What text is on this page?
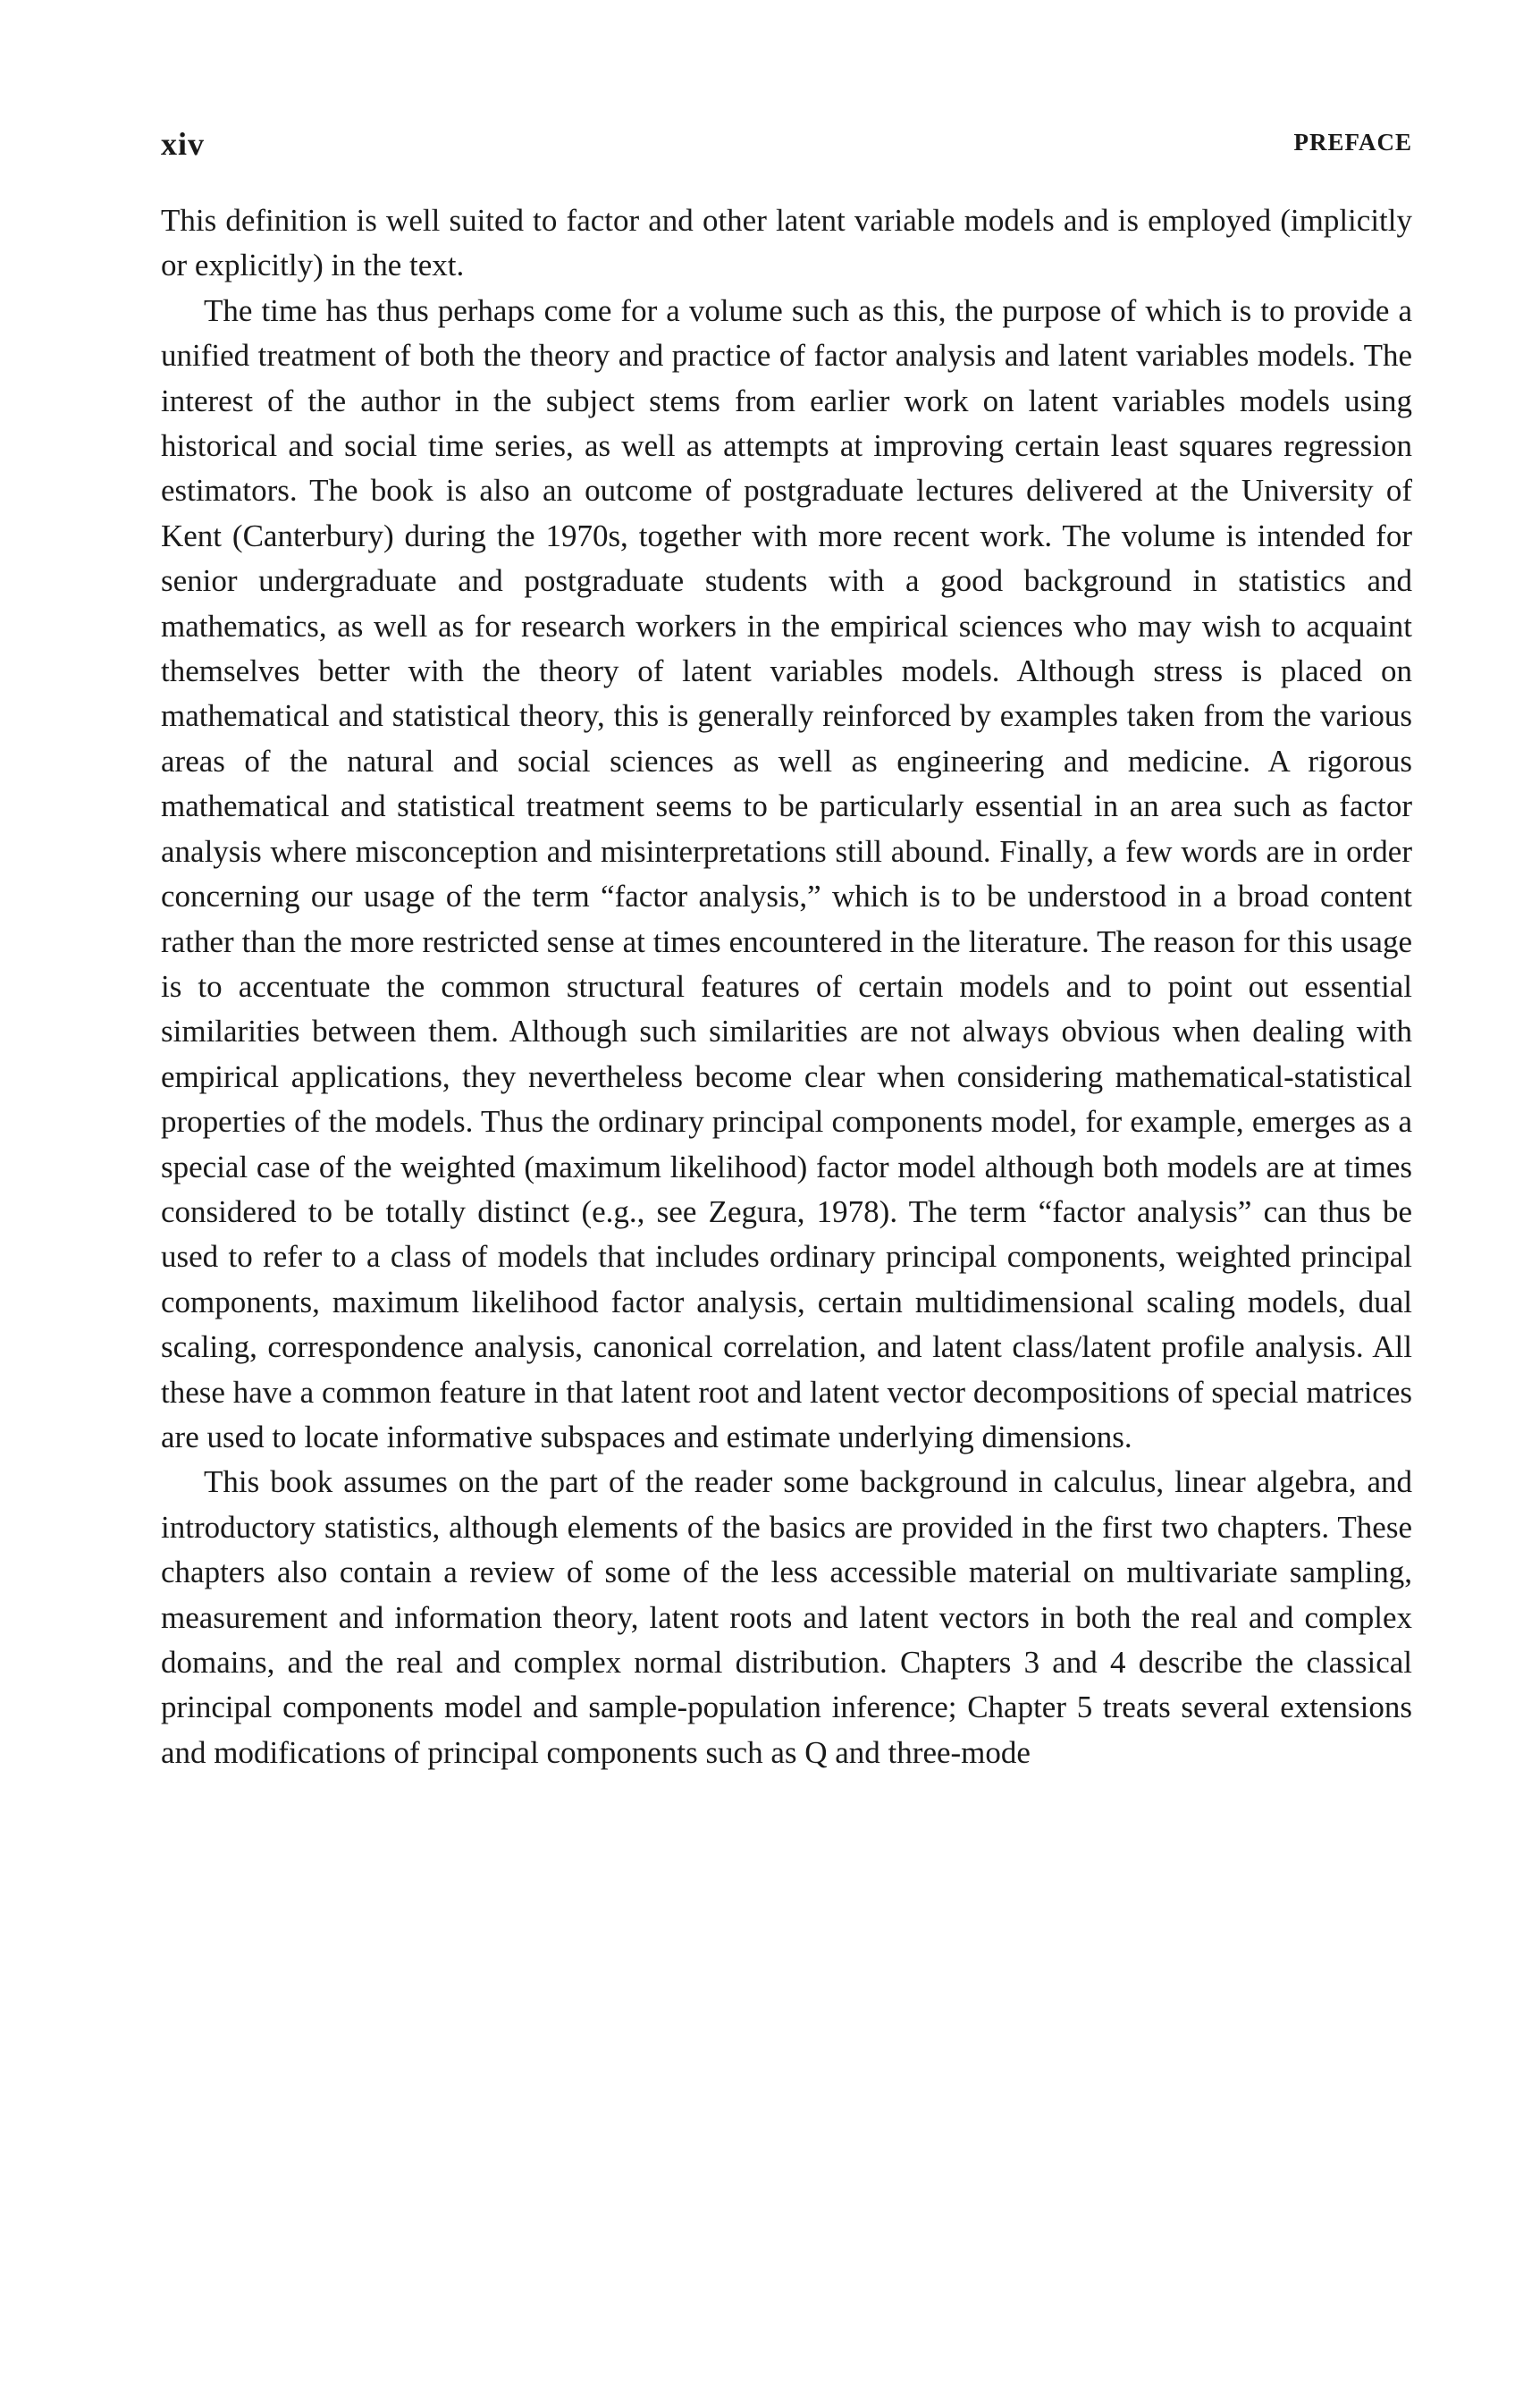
xiv	PREFACE

This definition is well suited to factor and other latent variable models and is employed (implicitly or explicitly) in the text.

The time has thus perhaps come for a volume such as this, the purpose of which is to provide a unified treatment of both the theory and practice of factor analysis and latent variables models. The interest of the author in the subject stems from earlier work on latent variables models using historical and social time series, as well as attempts at improving certain least squares regression estimators. The book is also an outcome of postgraduate lectures delivered at the University of Kent (Canterbury) during the 1970s, together with more recent work. The volume is intended for senior undergraduate and postgraduate students with a good background in statistics and mathematics, as well as for research workers in the empirical sciences who may wish to acquaint themselves better with the theory of latent variables models. Although stress is placed on mathematical and statistical theory, this is generally reinforced by examples taken from the various areas of the natural and social sciences as well as engineering and medicine. A rigorous mathematical and statistical treatment seems to be particularly essential in an area such as factor analysis where misconception and misinterpretations still abound. Finally, a few words are in order concerning our usage of the term “factor analysis,” which is to be understood in a broad content rather than the more restricted sense at times encountered in the literature. The reason for this usage is to accentuate the common structural features of certain models and to point out essential similarities between them. Although such similarities are not always obvious when dealing with empirical applications, they nevertheless become clear when considering mathematical-statistical properties of the models. Thus the ordinary principal components model, for example, emerges as a special case of the weighted (maximum likelihood) factor model although both models are at times considered to be totally distinct (e.g., see Zegura, 1978). The term “factor analysis” can thus be used to refer to a class of models that includes ordinary principal components, weighted principal components, maximum likelihood factor analysis, certain multidimensional scaling models, dual scaling, correspondence analysis, canonical correlation, and latent class/latent profile analysis. All these have a common feature in that latent root and latent vector decompositions of special matrices are used to locate informative subspaces and estimate underlying dimensions.

This book assumes on the part of the reader some background in calculus, linear algebra, and introductory statistics, although elements of the basics are provided in the first two chapters. These chapters also contain a review of some of the less accessible material on multivariate sampling, measurement and information theory, latent roots and latent vectors in both the real and complex domains, and the real and complex normal distribution. Chapters 3 and 4 describe the classical principal components model and sample-population inference; Chapter 5 treats several extensions and modifications of principal components such as Q and three-mode
